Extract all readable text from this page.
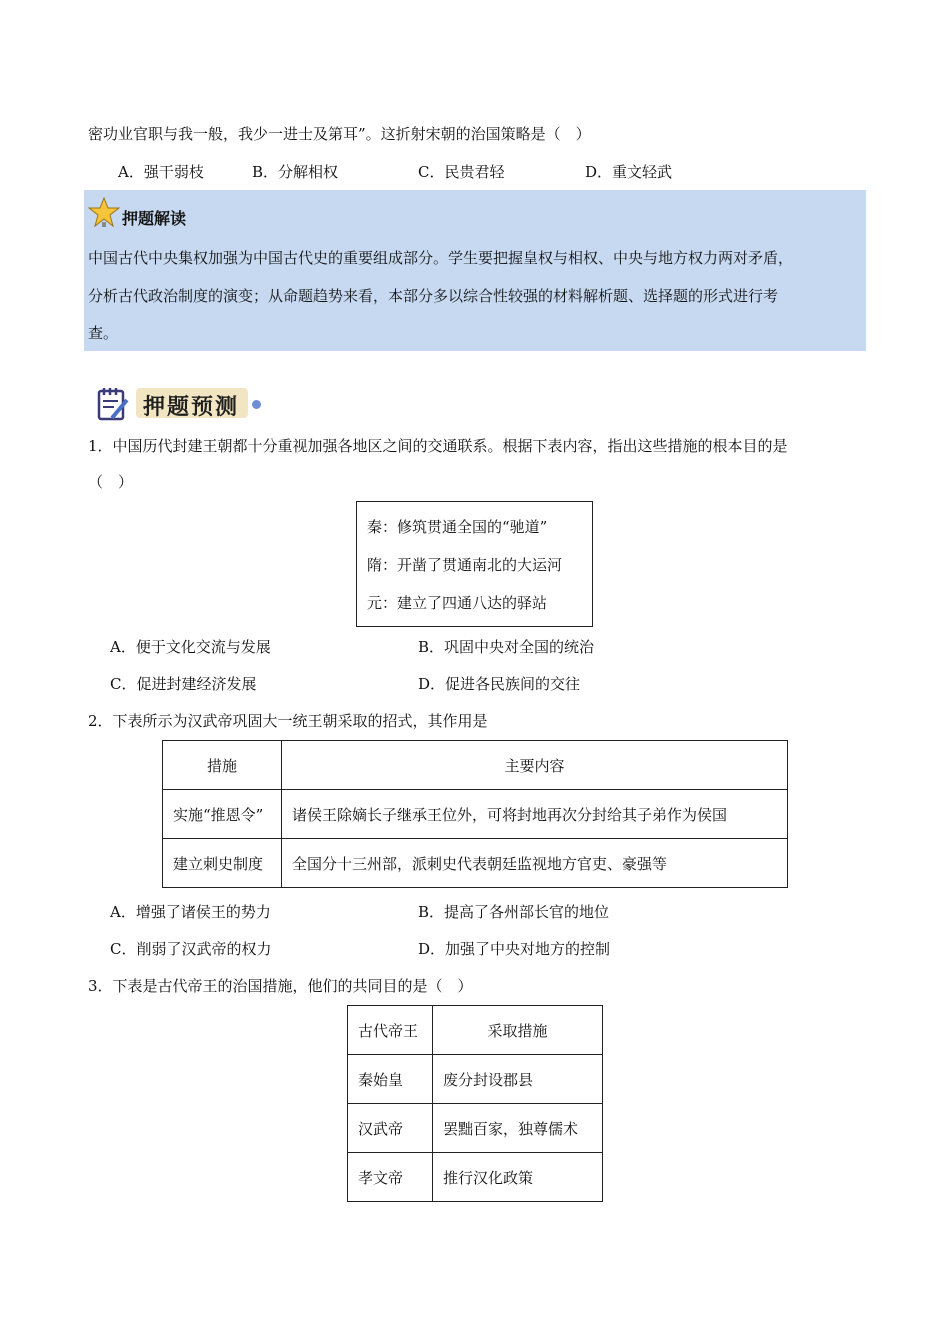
密功业官职与我一般，我少一进士及第耳”。这折射宋朝的治国策略是（　）
A．强干弱枝	B．分解相权	C．民贵君轻	D．重文轻武
押题解读
中国古代中央集权加强为中国古代史的重要组成部分。学生要把握皇权与相权、中央与地方权力两对矛盾，
分析古代政治制度的演变；从命题趋势来看，本部分多以综合性较强的材料解析题、选择题的形式进行考
查。
押题预测
1．中国历代封建王朝都十分重视加强各地区之间的交通联系。根据下表内容，指出这些措施的根本目的是
（　）
秦：修筑贯通全国的“驰道”
隋：开凿了贯通南北的大运河
元：建立了四通八达的驿站
A．便于文化交流与发展	B．巩固中央对全国的统治
C．促进封建经济发展	D．促进各民族间的交往
2．下表所示为汉武帝巩固大一统王朝采取的招式，其作用是
措施	主要内容
实施“推恩令”	诸侯王除嫡长子继承王位外，可将封地再次分封给其子弟作为侯国
建立刺史制度	全国分十三州部，派刺史代表朝廷监视地方官吏、豪强等
A．增强了诸侯王的势力	B．提高了各州部长官的地位
C．削弱了汉武帝的权力	D．加强了中央对地方的控制
3．下表是古代帝王的治国措施，他们的共同目的是（　）
古代帝王	采取措施
秦始皇	废分封设郡县
汉武帝	罢黜百家，独尊儒术
孝文帝	推行汉化政策
